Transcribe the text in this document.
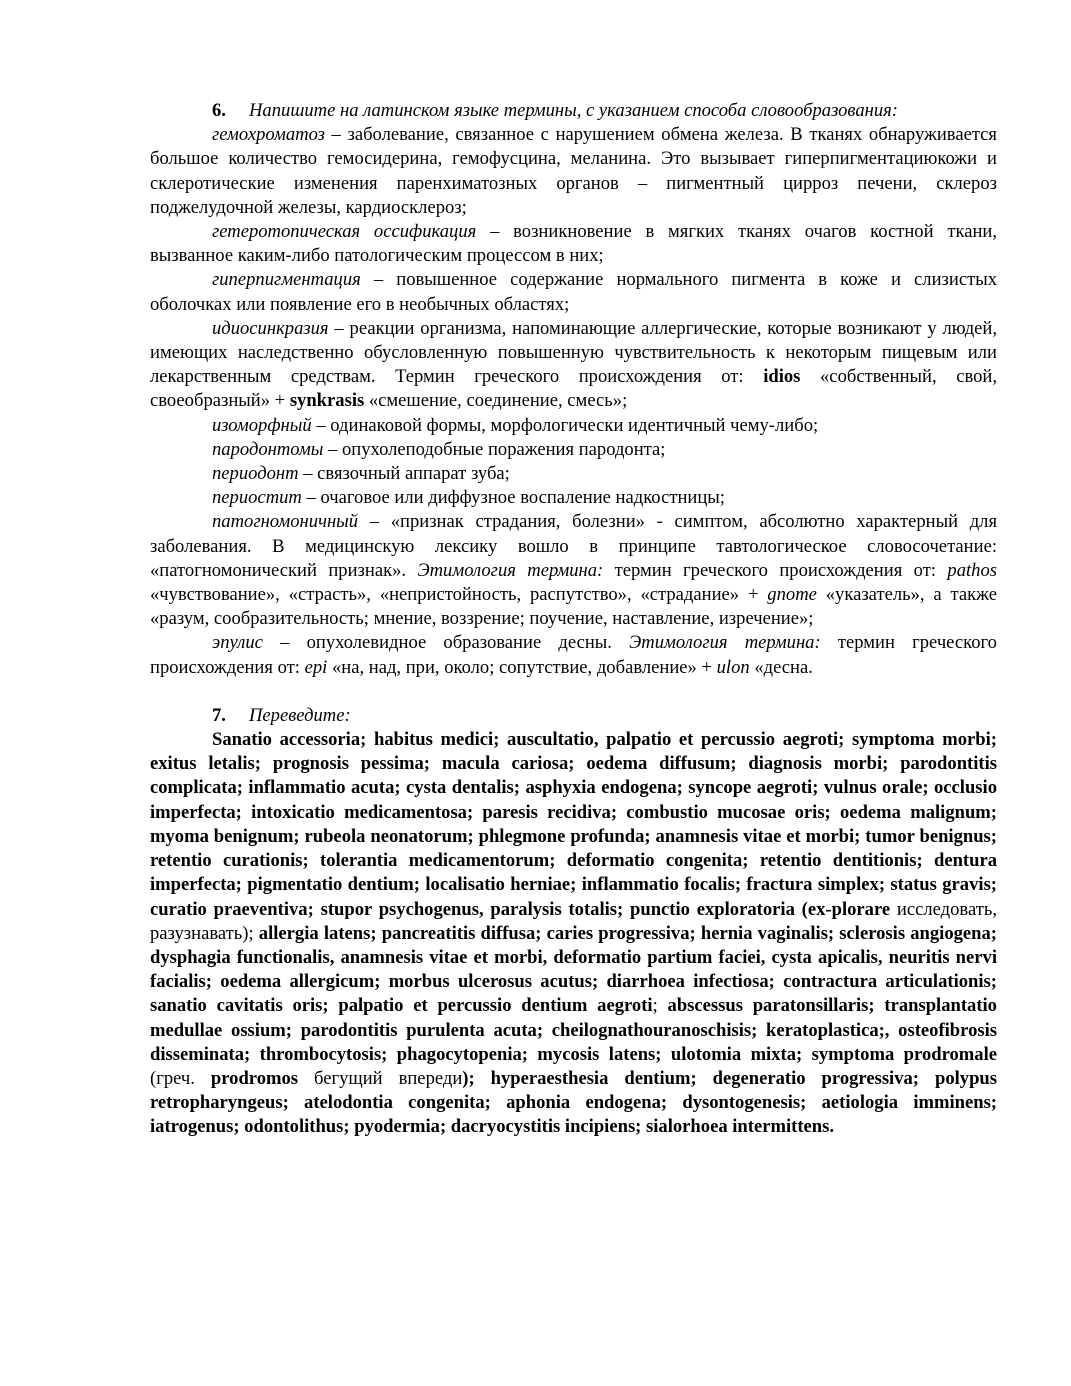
6. Напишите на латинском языке термины, с указанием способа словообразования:

гемохроматоз – заболевание, связанное с нарушением обмена железа. В тканях обнаруживается большое количество гемосидерина, гемофусцина, меланина. Это вызывает гиперпигментациюкожи и склеротические изменения паренхиматозных органов – пигментный цирроз печени, склероз поджелудочной железы, кардиосклероз;

гетеротопическая оссификация – возникновение в мягких тканях очагов костной ткани, вызванное каким-либо патологическим процессом в них;

гиперпигментация – повышенное содержание нормального пигмента в коже и слизистых оболочках или появление его в необычных областях;

идиосинкразия – реакции организма, напоминающие аллергические, которые возникают у людей, имеющих наследственно обусловленную повышенную чувствительность к некоторым пищевым или лекарственным средствам. Термин греческого происхождения от: idios «собственный, свой, своеобразный» + synkrasis «смешение, соединение, смесь»;

изоморфный – одинаковой формы, морфологически идентичный чему-либо;

пародонтомы – опухолеподобные поражения пародонта;

периодонт – связочный аппарат зуба;

периостит – очаговое или диффузное воспаление надкостницы;

патогномоничный – «признак страдания, болезни» - симптом, абсолютно характерный для заболевания. В медицинскую лексику вошло в принципе тавтологическое словосочетание: «патогномонический признак». Этимология термина: термин греческого происхождения от: pathos «чувствование», «страсть», «непристойность, распутство», «страдание» + gnome «указатель», а также «разум, сообразительность; мнение, воззрение; поучение, наставление, изречение»;

эпулис – опухолевидное образование десны. Этимология термина: термин греческого происхождения от: epi «на, над, при, около; сопутствие, добавление» + ulon «десна.

7. Переведите:

Sanatio accessoria; habitus medici; auscultatio, palpatio et percussio aegroti; symptoma morbi; exitus letalis; prognosis pessima; macula cariosa; oedema diffusum; diagnosis morbi; parodontitis complicata; inflammatio acuta; cysta dentalis; asphyxia endogena; syncope aegroti; vulnus orale; occlusio imperfecta; intoxicatio medicamentosa; paresis recidiva; combustio mucosae oris; oedema malignum; myoma benignum; rubeola neonatorum; phlegmone profunda; anamnesis vitae et morbi; tumor benignus; retentio curationis; tolerantia medicamentorum; deformatio congenita; retentio dentitionis; dentura imperfecta; pigmentatio dentium; localisatio herniae; inflammatio focalis; fractura simplex; status gravis; curatio praeventiva; stupor psychogenus, paralysis totalis; punctio exploratoria (ex-plorare исследовать, разузнавать); allergia latens; pancreatitis diffusa; caries progressiva; hernia vaginalis; sclerosis angiogena; dysphagia functionalis, anamnesis vitae et morbi, deformatio partium faciei, cysta apicalis, neuritis nervi facialis; oedema allergicum; morbus ulcerosus acutus; diarrhoea infectiosa; contractura articulationis; sanatio cavitatis oris; palpatio et percussio dentium aegroti; abscessus paratonsillaris; transplantatio medullae ossium; parodontitis purulenta acuta; cheilognathouranoschisis; keratoplastica;, osteofibrosis disseminata; thrombocytosis; phagocytopenia; mycosis latens; ulotomia mixta; symptoma prodromale (греч. prodromos бегущий впереди); hyperaesthesia dentium; degeneratio progressiva; polypus retropharyngeus; atelodontia congenita; aphonia endogena; dysontogenesis; aetiologia imminens; iatrogenus; odontolithus; pyodermia; dacryocystitis incipiens; sialorhoea intermittens.
